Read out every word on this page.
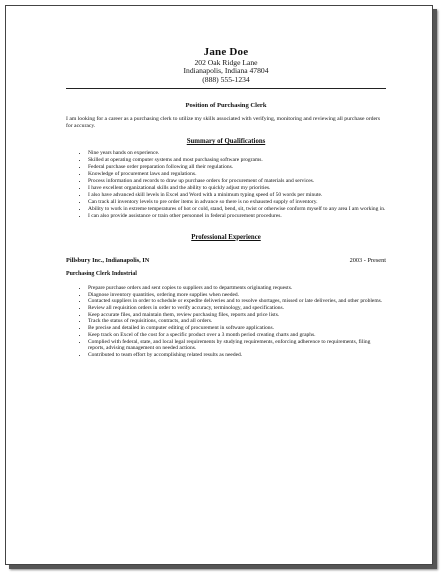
Jane Doe
202 Oak Ridge Lane
Indianapolis, Indiana 47804
(888) 555-1234
Position of Purchasing Clerk
I am looking for a career as a purchasing clerk to utilize my skills associated with verifying, monitoring and reviewing all purchase orders for accuracy.
Summary of Qualifications
• Nine years hands on experience.
• Skilled at operating computer systems and most purchasing software programs.
• Federal purchase order preparation following all their regulations.
• Knowledge of procurement laws and regulations.
• Process information and records to draw up purchase orders for procurement of materials and services.
• I have excellent organizational skills and the ability to quickly adjust my priorities.
• I also have advanced skill levels in Excel and Word with a minimum typing speed of 50 words per minute.
• Can track all inventory levels to pre order items in advance so there is no exhausted supply of inventory.
• Ability to work in extreme temperatures of hot or cold, stand, bend, sit, twist or otherwise conform myself to any area I am working in.
• I can also provide assistance or train other personnel in federal procurement procedures.
Professional Experience
Pillsbury Inc., Indianapolis, IN	2003 - Present
Purchasing Clerk Industrial
• Prepare purchase orders and sent copies to suppliers and to departments originating requests.
• Diagnose inventory quantities, ordering more supplies when needed.
• Contacted suppliers in order to schedule or expedite deliveries and to resolve shortages, missed or late deliveries, and other problems.
• Review all requisition orders in order to verify accuracy, terminology, and specifications.
• Keep accurate files, and maintain them, review purchasing files, reports and price lists.
• Track the status of requisitions, contracts, and all orders.
• Be precise and detailed in computer editing of procurement in software applications.
• Keep track on Excel of the cost for a specific product over a 3 month period creating charts and graphs.
• Complied with federal, state, and local legal requirements by studying requirements, enforcing adherence to requirements, filing reports, advising management on needed actions.
• Contributed to team effort by accomplishing related results as needed.
